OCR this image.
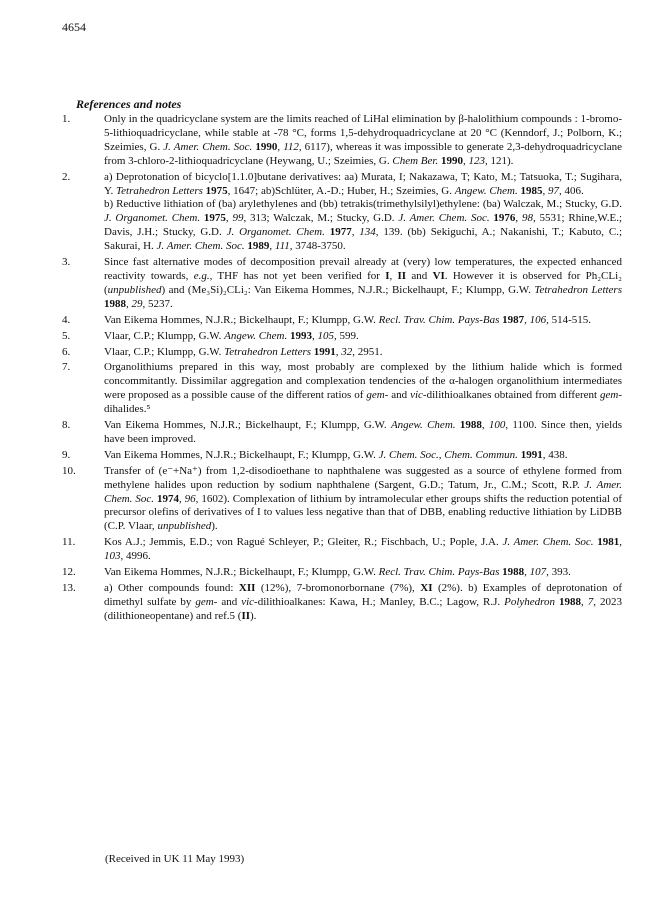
4654
References and notes
1.	Only in the quadricyclane system are the limits reached of LiHal elimination by β-halolithium compounds : 1-bromo-5-lithioquadricyclane, while stable at -78 °C, forms 1,5-dehydroquadricyclane at 20 °C (Kenndorf, J.; Polborn, K.; Szeimies, G. J. Amer. Chem. Soc. 1990, 112, 6117), whereas it was impossible to generate 2,3-dehydroquadricyclane from 3-chloro-2-lithioquadricyclane (Heywang, U.; Szeimies, G. Chem Ber. 1990, 123, 121).

2.	a) Deprotonation of bicyclo[1.1.0]butane derivatives: aa) Murata, I; Nakazawa, T; Kato, M.; Tatsuoka, T.; Sugihara, Y. Tetrahedron Letters 1975, 1647; ab)Schlüter, A.-D.; Huber, H.; Szeimies, G. Angew. Chem. 1985, 97, 406.

b) Reductive lithiation of (ba) arylethylenes and (bb) tetrakis(trimethylsilyl)ethylene: (ba) Walczak, M.; Stucky, G.D. J. Organomet. Chem. 1975, 99, 313; Walczak, M.; Stucky, G.D. J. Amer. Chem. Soc. 1976, 98, 5531; Rhine,W.E.; Davis, J.H.; Stucky, G.D. J. Organomet. Chem. 1977, 134, 139. (bb) Sekiguchi, A.; Nakanishi, T.; Kabuto, C.; Sakurai, H. J. Amer. Chem. Soc. 1989, 111, 3748-3750.

3.	Since fast alternative modes of decomposition prevail already at (very) low temperatures, the expected enhanced reactivity towards, e.g., THF has not yet been verified for I, II and VI. However it is observed for Ph₂CLi₂ (unpublished) and (Me₃Si)₂CLi₂: Van Eikema Hommes, N.J.R.; Bickelhaupt, F.; Klumpp, G.W. Tetrahedron Letters 1988, 29, 5237.

4.	Van Eikema Hommes, N.J.R.; Bickelhaupt, F.; Klumpp, G.W. Recl. Trav. Chim. Pays-Bas 1987, 106, 514-515.

5.	Vlaar, C.P.; Klumpp, G.W. Angew. Chem. 1993, 105, 599.

6.	Vlaar, C.P.; Klumpp, G.W. Tetrahedron Letters 1991, 32, 2951.

7.	Organolithiums prepared in this way, most probably are complexed by the lithium halide which is formed concommitantly. Dissimilar aggregation and complexation tendencies of the α-halogen organolithium intermediates were proposed as a possible cause of the different ratios of gem- and vic-dilithioalkanes obtained from different gem-dihalides.⁵

8.	Van Eikema Hommes, N.J.R.; Bickelhaupt, F.; Klumpp, G.W. Angew. Chem. 1988, 100, 1100. Since then, yields have been improved.

9.	Van Eikema Hommes, N.J.R.; Bickelhaupt, F.; Klumpp, G.W. J. Chem. Soc., Chem. Commun. 1991, 438.

10.	Transfer of (e⁻+Na⁺) from 1,2-disodioethane to naphthalene was suggested as a source of ethylene formed from methylene halides upon reduction by sodium naphthalene (Sargent, G.D.; Tatum, Jr., C.M.; Scott, R.P. J. Amer. Chem. Soc. 1974, 96, 1602). Complexation of lithium by intramolecular ether groups shifts the reduction potential of precursor olefins of derivatives of I to values less negative than that of DBB, enabling reductive lithiation by LiDBB (C.P. Vlaar, unpublished).

11.	Kos A.J.; Jemmis, E.D.; von Ragué Schleyer, P.; Gleiter, R.; Fischbach, U.; Pople, J.A. J. Amer. Chem. Soc. 1981, 103, 4996.

12.	Van Eikema Hommes, N.J.R.; Bickelhaupt, F.; Klumpp, G.W. Recl. Trav. Chim. Pays-Bas 1988, 107, 393.

13.	a) Other compounds found: XII (12%), 7-bromonorbornane (7%), XI (2%). b) Examples of deprotonation of dimethyl sulfate by gem- and vic-dilithioalkanes: Kawa, H.; Manley, B.C.; Lagow, R.J. Polyhedron 1988, 7, 2023 (dilithioneopentane) and ref.5 (II).

(Received in UK 11 May 1993)
